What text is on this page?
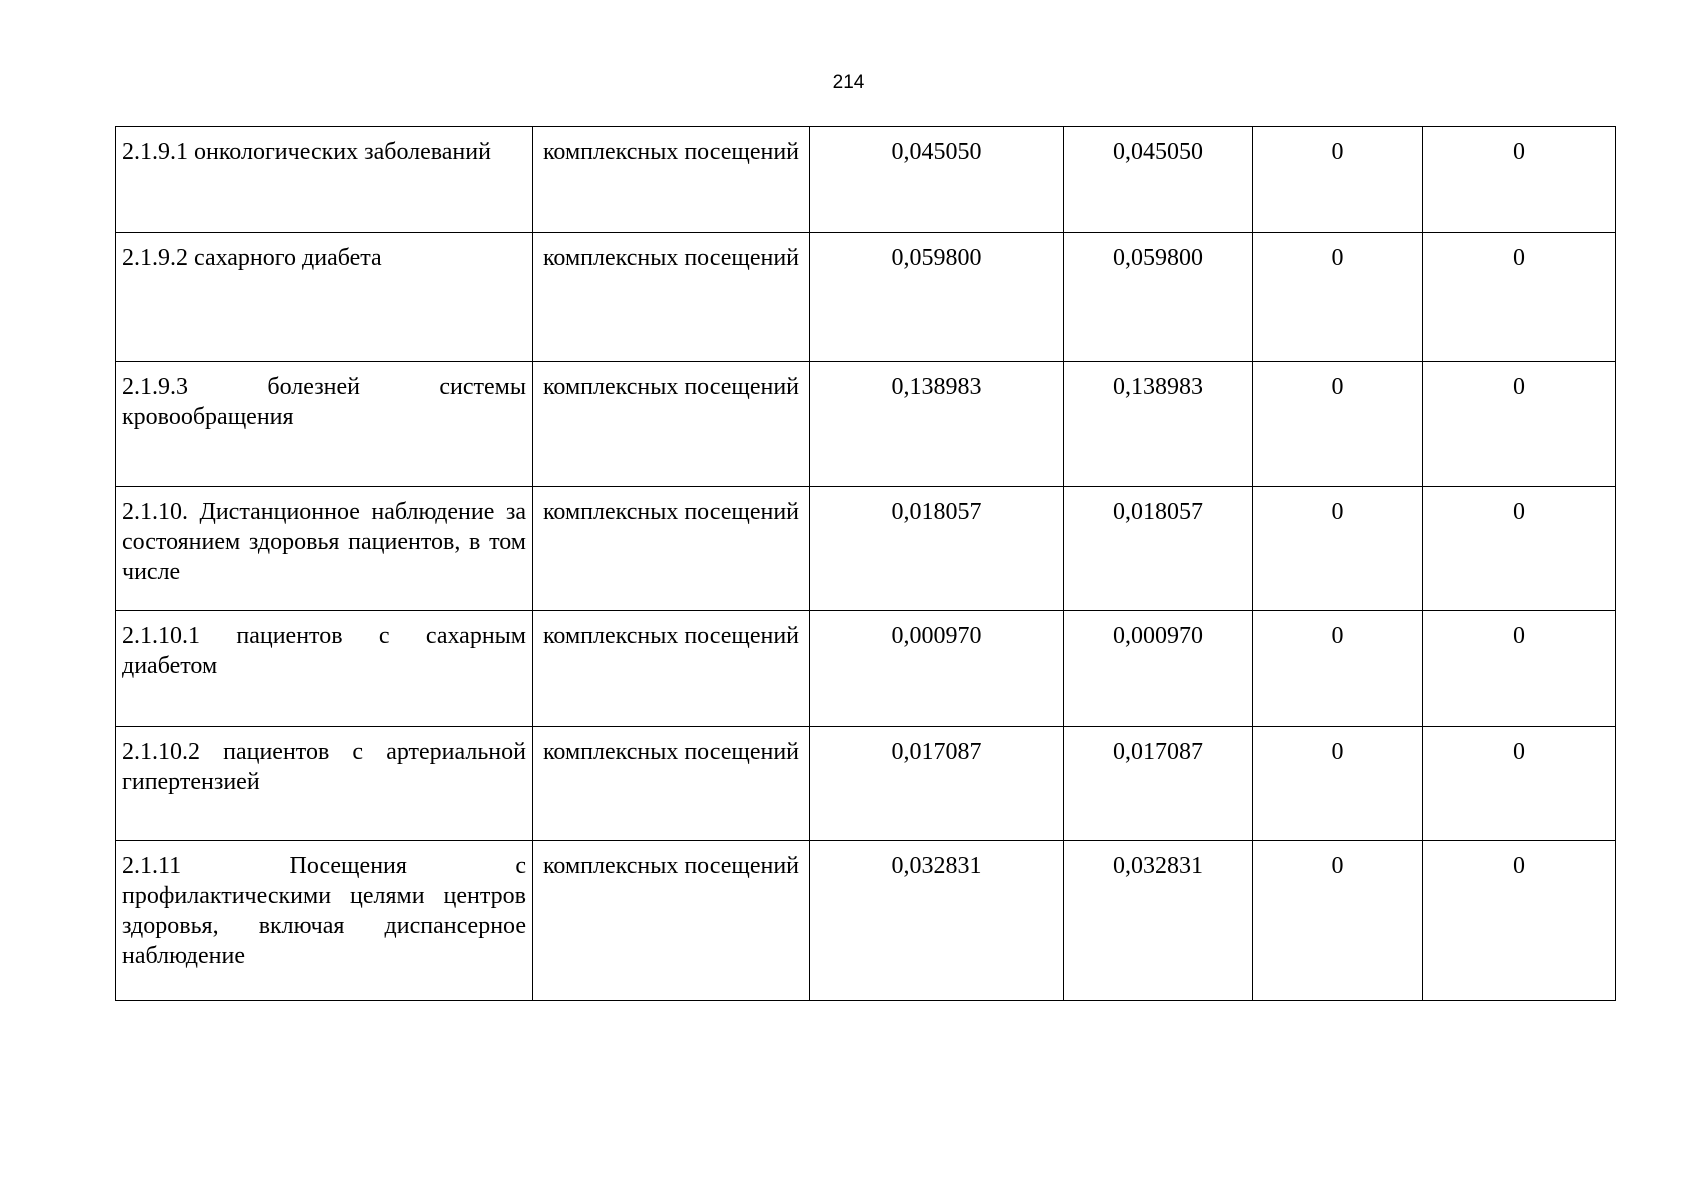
214
2.1.9.1 онкологических заболеваний	комплексных посещений	0,045050	0,045050	0	0
2.1.9.2 сахарного диабета	комплексных посещений	0,059800	0,059800	0	0
2.1.9.3 болезней системы кровообращения	комплексных посещений	0,138983	0,138983	0	0
2.1.10. Дистанционное наблюдение за состоянием здоровья пациентов, в том числе	комплексных посещений	0,018057	0,018057	0	0
2.1.10.1 пациентов с сахарным диабетом	комплексных посещений	0,000970	0,000970	0	0
2.1.10.2 пациентов с артериальной гипертензией	комплексных посещений	0,017087	0,017087	0	0
2.1.11 Посещения с профилактическими целями центров здоровья, включая диспансерное наблюдение	комплексных посещений	0,032831	0,032831	0	0
